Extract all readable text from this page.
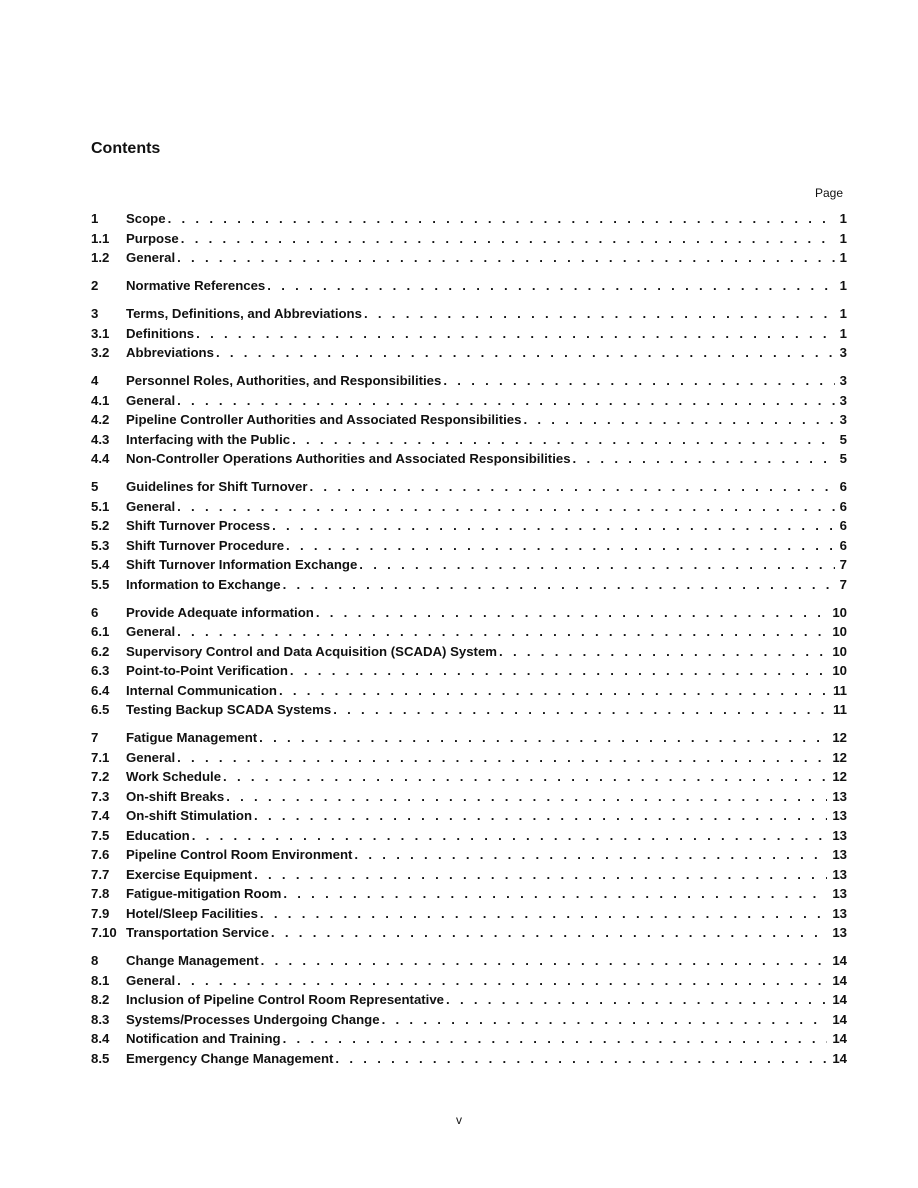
Contents
Page
1	Scope . . .	1
1.1	Purpose . . .	1
1.2	General . . .	1
2	Normative References . . .	1
3	Terms, Definitions, and Abbreviations . . .	1
3.1	Definitions . . .	1
3.2	Abbreviations . . .	3
4	Personnel Roles, Authorities, and Responsibilities . . .	3
4.1	General . . .	3
4.2	Pipeline Controller Authorities and Associated Responsibilities . . .	3
4.3	Interfacing with the Public . . .	5
4.4	Non-Controller Operations Authorities and Associated Responsibilities . . .	5
5	Guidelines for Shift Turnover . . .	6
5.1	General . . .	6
5.2	Shift Turnover Process . . .	6
5.3	Shift Turnover Procedure . . .	6
5.4	Shift Turnover Information Exchange . . .	7
5.5	Information to Exchange . . .	7
6	Provide Adequate information . . .	10
6.1	General . . .	10
6.2	Supervisory Control and Data Acquisition (SCADA) System . . .	10
6.3	Point-to-Point Verification . . .	10
6.4	Internal Communication . . .	11
6.5	Testing Backup SCADA Systems . . .	11
7	Fatigue Management . . .	12
7.1	General . . .	12
7.2	Work Schedule . . .	12
7.3	On-shift Breaks . . .	13
7.4	On-shift Stimulation . . .	13
7.5	Education . . .	13
7.6	Pipeline Control Room Environment . . .	13
7.7	Exercise Equipment . . .	13
7.8	Fatigue-mitigation Room . . .	13
7.9	Hotel/Sleep Facilities . . .	13
7.10 Transportation Service . . .	13
8	Change Management . . .	14
8.1	General . . .	14
8.2	Inclusion of Pipeline Control Room Representative . . .	14
8.3	Systems/Processes Undergoing Change . . .	14
8.4	Notification and Training . . .	14
8.5	Emergency Change Management . . .	14
v
